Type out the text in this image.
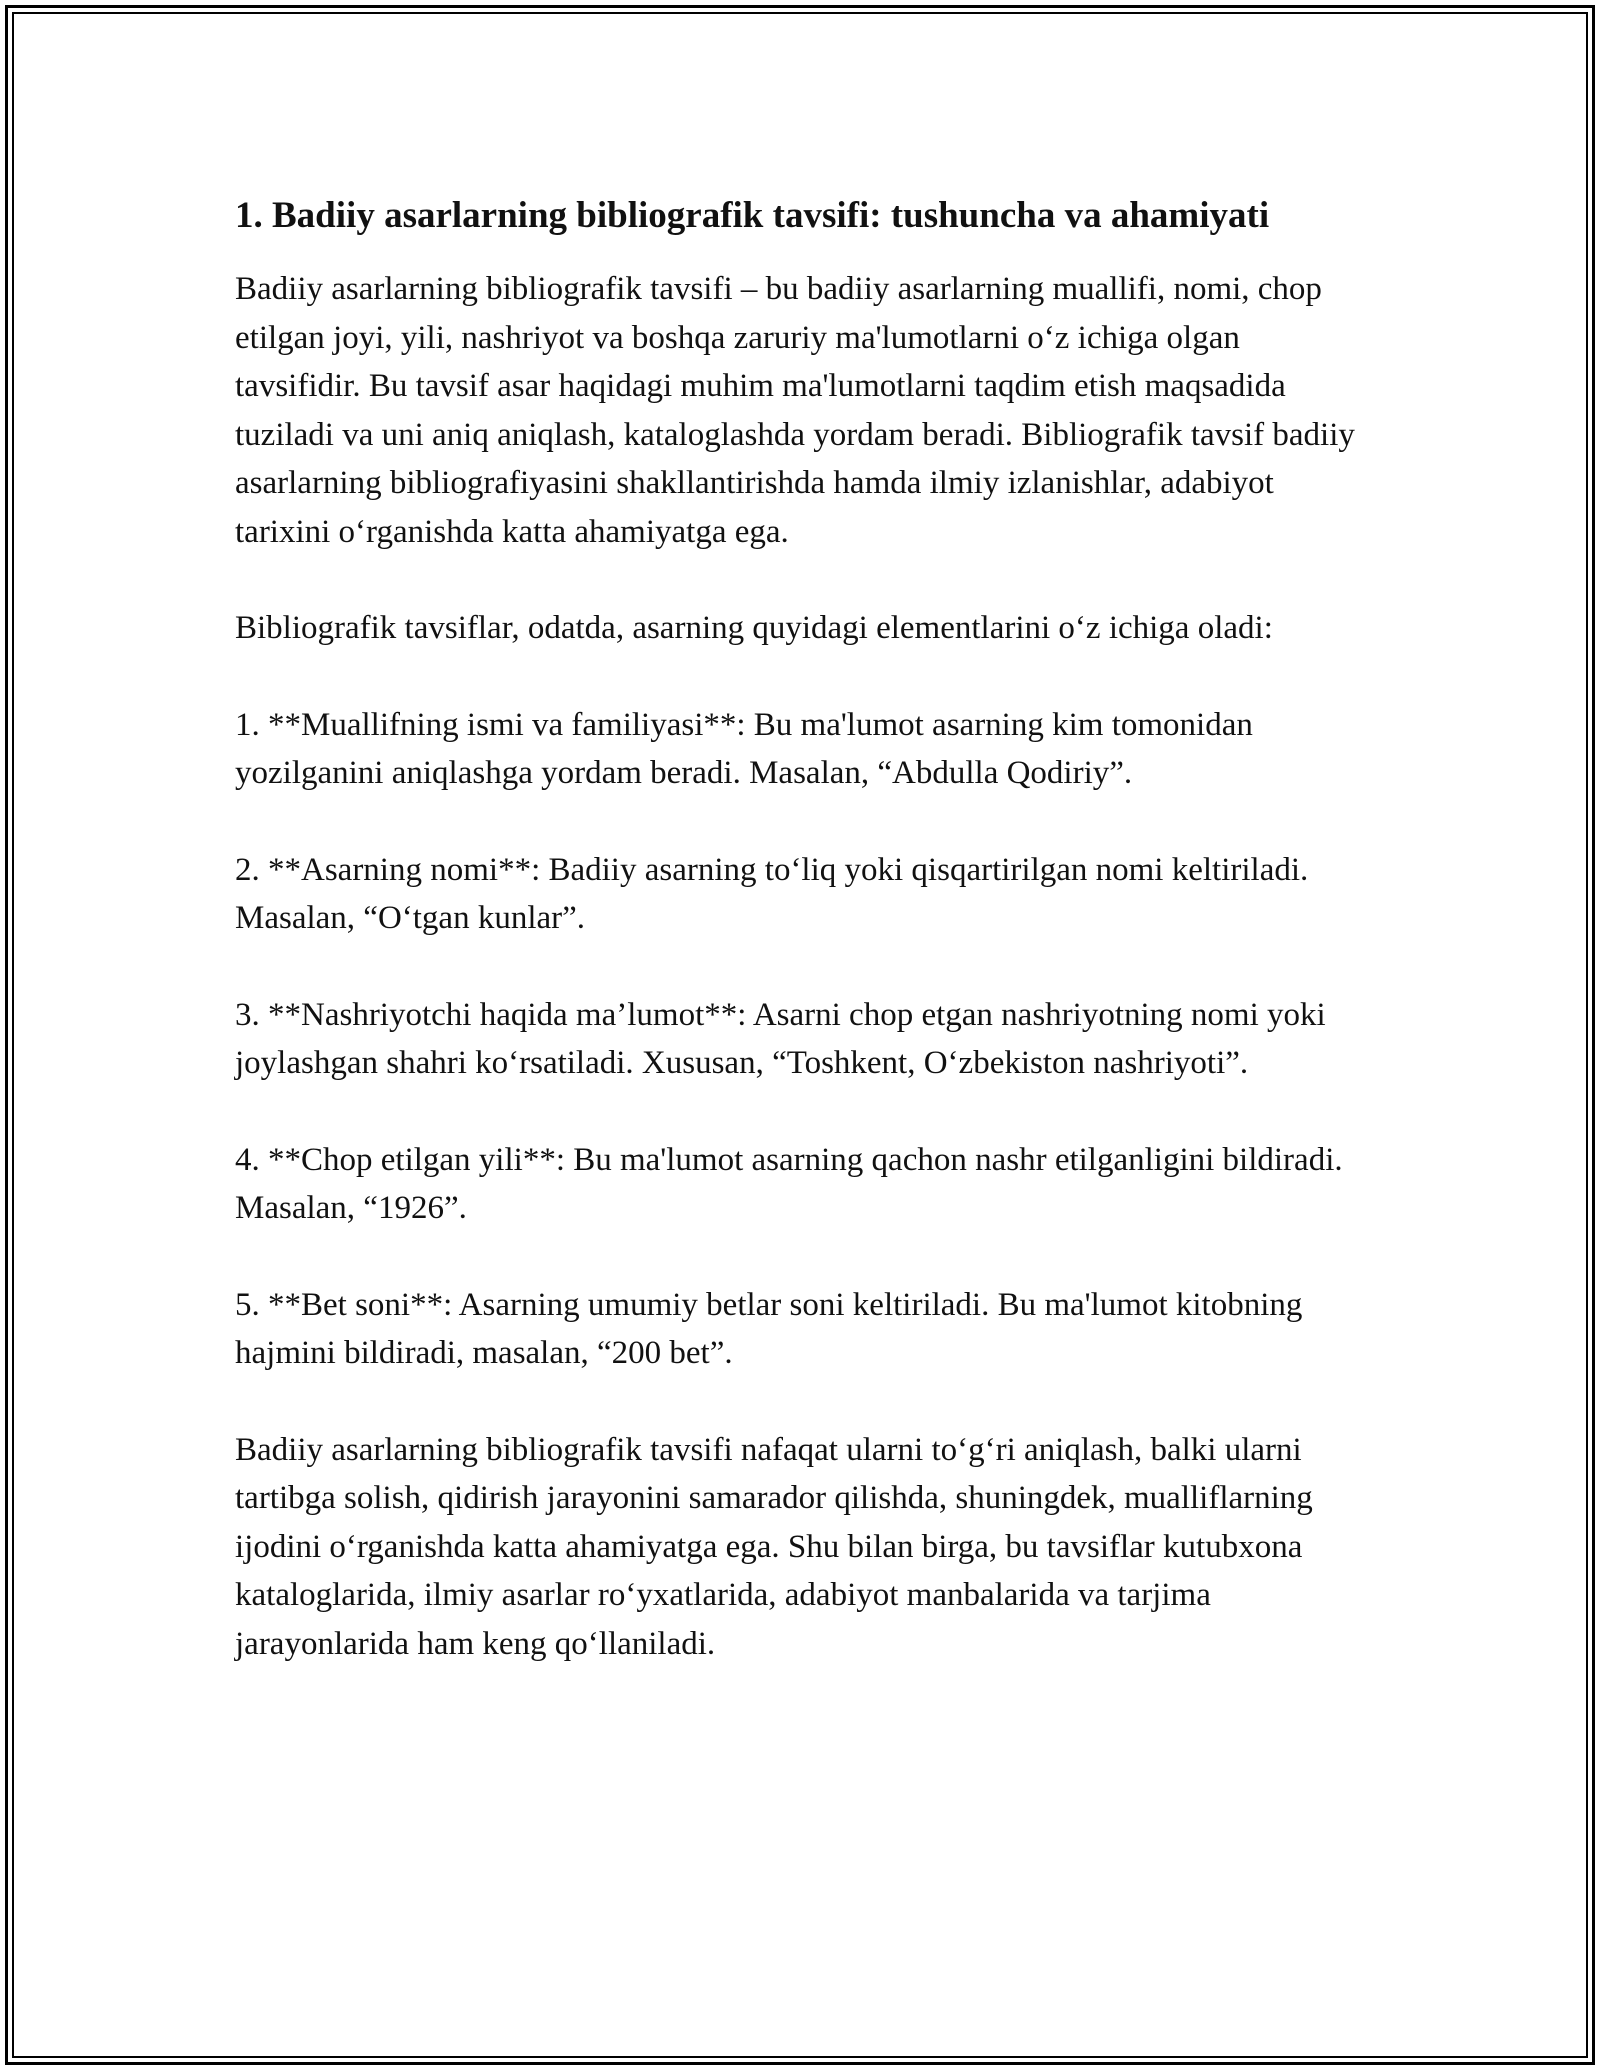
1. Badiiy asarlarning bibliografik tavsifi: tushuncha va ahamiyati

Badiiy asarlarning bibliografik tavsifi – bu badiiy asarlarning muallifi, nomi, chop etilgan joyi, yili, nashriyot va boshqa zaruriy ma'lumotlarni o‘z ichiga olgan tavsifidir. Bu tavsif asar haqidagi muhim ma'lumotlarni taqdim etish maqsadida tuziladi va uni aniq aniqlash, kataloglashda yordam beradi. Bibliografik tavsif badiiy asarlarning bibliografiyasini shakllantirishda hamda ilmiy izlanishlar, adabiyot tarixini o‘rganishda katta ahamiyatga ega.

Bibliografik tavsiflar, odatda, asarning quyidagi elementlarini o‘z ichiga oladi:

1. **Muallifning ismi va familiyasi**: Bu ma'lumot asarning kim tomonidan yozilganini aniqlashga yordam beradi. Masalan, “Abdulla Qodiriy”.

2. **Asarning nomi**: Badiiy asarning to‘liq yoki qisqartirilgan nomi keltiriladi. Masalan, “O‘tgan kunlar”.

3. **Nashriyotchi haqida ma’lumot**: Asarni chop etgan nashriyotning nomi yoki joylashgan shahri ko‘rsatiladi. Xususan, “Toshkent, O‘zbekiston nashriyoti”.

4. **Chop etilgan yili**: Bu ma'lumot asarning qachon nashr etilganligini bildiradi. Masalan, “1926”.

5. **Bet soni**: Asarning umumiy betlar soni keltiriladi. Bu ma'lumot kitobning hajmini bildiradi, masalan, “200 bet”.

Badiiy asarlarning bibliografik tavsifi nafaqat ularni to‘g‘ri aniqlash, balki ularni tartibga solish, qidirish jarayonini samarador qilishda, shuningdek, mualliflarning ijodini o‘rganishda katta ahamiyatga ega. Shu bilan birga, bu tavsiflar kutubxona kataloglarida, ilmiy asarlar ro‘yxatlarida, adabiyot manbalarida va tarjima jarayonlarida ham keng qo‘llaniladi.
